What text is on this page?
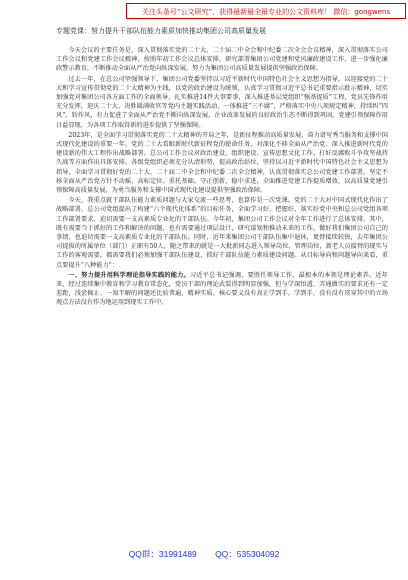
关注头条号“公文研究”，获得最新最全最专业的公文资料库！ 微信：gongwens
专题党课：努力提升干部队伍能力素质加快推动集团公司高质量发展

今天会议的主要任务是，深入贯彻落实党的二十大、二十届二中全会和中纪委二次全会会议精神，深入贯彻落实公司工作会议和党建工作会议精神，按照年初工作会议总体安排，研究部署集团公司党建和党风廉政建设工作，进一步强化廉政警示教育，不断推动全面从严治党向纵深发展，努力为集团公司高质量发展提供坚强政治保障。

过去一年，在总公司坚强领导下，集团公司党委坚持以习近平新时代中国特色社会主义思想为指导，以迎接党的二十大和学习宣传贯彻党的二十大精神为主线，以党的政治建设为统领，认真学习贯彻习近平总书记重要指示批示精神，切实加强党对集团公司各方面工作的全面领导，扎实推进14件大事要事，深入推进基层党组织“强基提质”工程，党员先锋作用充分发挥，迎庆二十大、决胜圆满收官等党内主题实践活动，一体推进“三不腐”，严格落实中央八项规定精神，持续纠“四风”、转作风，有力促进了全面从严治党不断向纵深发展，企业改革发展的良好政治生态不断得到巩固，党建引领保障作用日益显现，为各项工作取得新的进步提供了坚强保障。

2023年，是全面学习贯彻落实党的二十大精神的开局之年，是新征程推动高质量发展、奋力谱写秀当服务和支撑中国式现代化建设的重要一年。党的二十大看眼新时代新征程党的使命任务，对深化不移全面从严治党、深入推进新时代党的建设新的伟大工程作出战略部署。总公司工作会议对政治建设、组织建设、宣传思想文化工作、打好反腐败斗争攻坚战持久战等方面作出具体安排。各级党组织必须充分认清形势，提高政治站位，坚持以习近平新时代中国特色社会主义思想为指导，全面学习贯彻好党的二十大、二十届二中全会和中纪委二次全会精神，认真贯彻落实总公司党建工作部署，坚定不移全面从严治党方针不动摇、高标定位、重托基础、守正创新、稳中求进，全面推进党建工作提质增效，以高质量党建引领保障高质量发展，为勇当服务和支撑中国式现代化建设提供坚强政治保障。

今天，我重点就干部队伍能力素质问题与大家交流一些思考，也算作是一次党课。党的二十大对中国式现代化作出了战略部署，总公司党组提出了构建“六个现代化体系”的目标任务，全面学习好、把握好、落实好党中央和总公司党组各项工作部署要求，迫切需要一支高素质专业化的干部队伍。今年初，集团公司工作会议对全年工作进行了总体安排，其中，既有需要当于抓好的工作和解决的问题，也有需要通过项层设计，研究谋划和推动未来的工作，做好我们集团公司自己的事情，也迫切需要一支高素质专业化的干部队伍。同时，近年来集团公司干部队伍集中退休，更替接续较快，去年集团公司提拔的所属单位（部门）正职有50人，随之带来的就是一大批新同志进入领导岗位，管理岗位，新老人员接替的现实与工作的客观需要，都需要我们必须加强干部队伍建设，抓好干部队伍能力素质建设问题。从目标导向和问题导向来看，重点要提升“八种能力”：

一、努力提升用科学理论指导实践的能力。习近平总书记强调，要胜任领导工作，最根本的本领是理论素养。近年来，经过连续集中教育和学习教育常态化，党员干部的理论武装得到明显加强，但与学深悟透、弄通做实的要求还有一定差距，浅尝辄止、一知半解的问题还比较普遍，精神实质、核心要义没有真正学到手。学到手，没有没有贯穿其中的立场观点方法没有作为地运用到现实工作中。

QQ群：31991489 QQ：535304092
